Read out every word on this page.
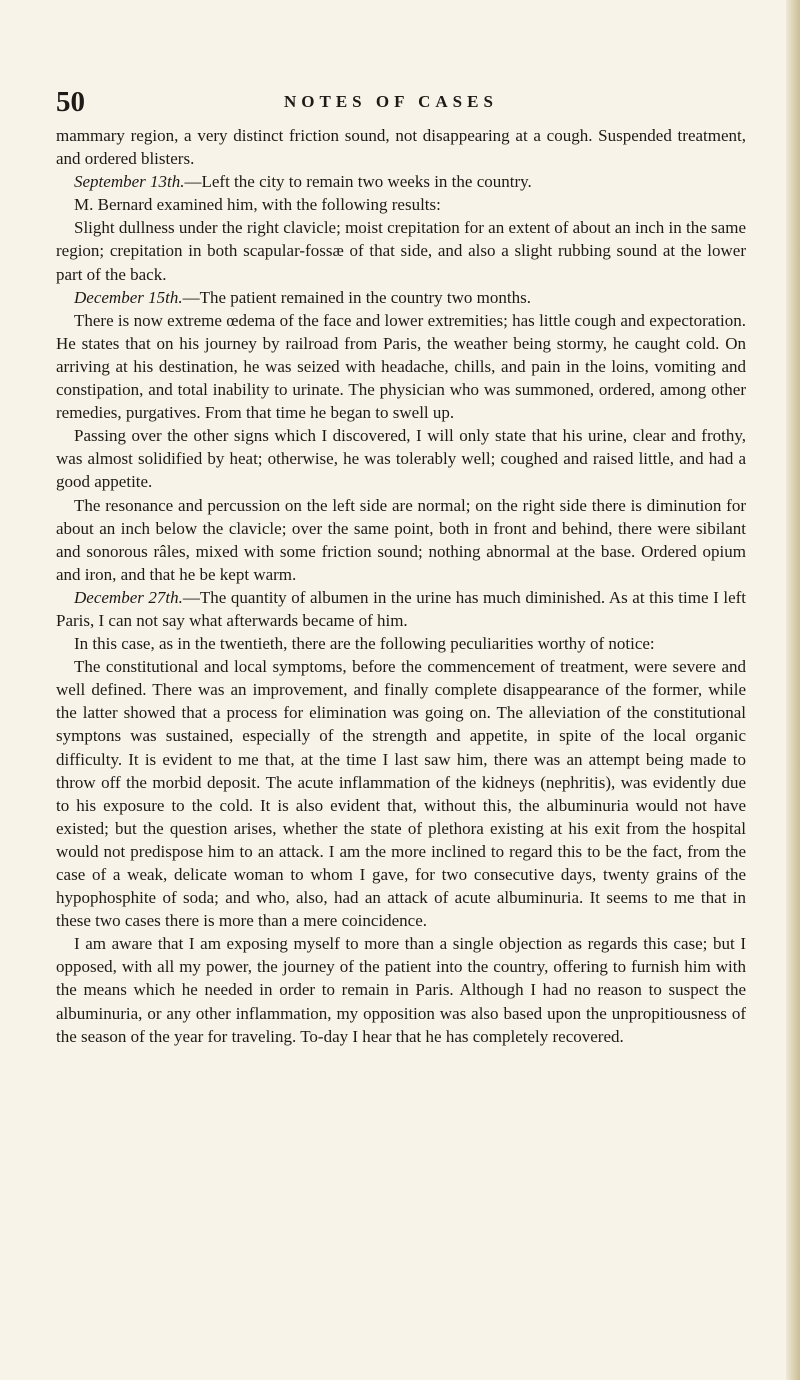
50	NOTES OF CASES

mammary region, a very distinct friction sound, not disappearing at a cough. Suspended treatment, and ordered blisters.

September 13th.—Left the city to remain two weeks in the country.

M. Bernard examined him, with the following results:

Slight dullness under the right clavicle; moist crepitation for an extent of about an inch in the same region; crepitation in both scapular-fossæ of that side, and also a slight rubbing sound at the lower part of the back.

December 15th.—The patient remained in the country two months.

There is now extreme œdema of the face and lower extremities; has little cough and expectoration. He states that on his journey by railroad from Paris, the weather being stormy, he caught cold. On arriving at his destination, he was seized with headache, chills, and pain in the loins, vomiting and constipation, and total inability to urinate. The physician who was summoned, ordered, among other remedies, purgatives. From that time he began to swell up.

Passing over the other signs which I discovered, I will only state that his urine, clear and frothy, was almost solidified by heat; otherwise, he was tolerably well; coughed and raised little, and had a good appetite.

The resonance and percussion on the left side are normal; on the right side there is diminution for about an inch below the clavicle; over the same point, both in front and behind, there were sibilant and sonorous râles, mixed with some friction sound; nothing abnormal at the base. Ordered opium and iron, and that he be kept warm.

December 27th.—The quantity of albumen in the urine has much diminished. As at this time I left Paris, I can not say what afterwards became of him.

In this case, as in the twentieth, there are the following peculiarities worthy of notice:

The constitutional and local symptoms, before the commencement of treatment, were severe and well defined. There was an improvement, and finally complete disappearance of the former, while the latter showed that a process for elimination was going on. The alleviation of the constitutional symptons was sustained, especially of the strength and appetite, in spite of the local organic difficulty. It is evident to me that, at the time I last saw him, there was an attempt being made to throw off the morbid deposit. The acute inflammation of the kidneys (nephritis), was evidently due to his exposure to the cold. It is also evident that, without this, the albuminuria would not have existed; but the question arises, whether the state of plethora existing at his exit from the hospital would not predispose him to an attack. I am the more inclined to regard this to be the fact, from the case of a weak, delicate woman to whom I gave, for two consecutive days, twenty grains of the hypophosphite of soda; and who, also, had an attack of acute albuminuria. It seems to me that in these two cases there is more than a mere coincidence.

I am aware that I am exposing myself to more than a single objection as regards this case; but I opposed, with all my power, the journey of the patient into the country, offering to furnish him with the means which he needed in order to remain in Paris. Although I had no reason to suspect the albuminuria, or any other inflammation, my opposition was also based upon the unpropitiousness of the season of the year for traveling. To-day I hear that he has completely recovered.
